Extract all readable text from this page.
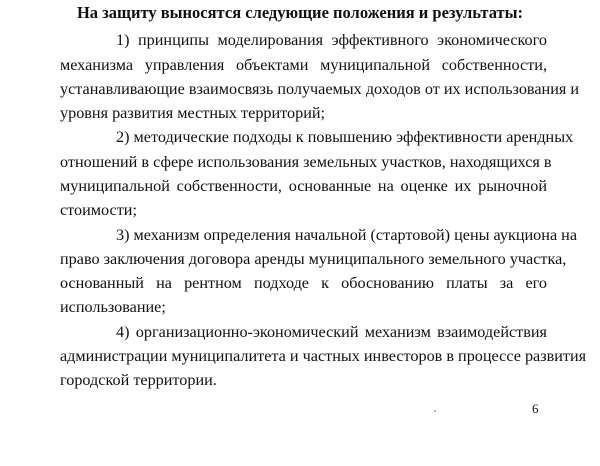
На защиту выносятся следующие положения и результаты:
1) принципы моделирования эффективного экономического
механизма управления объектами муниципальной собственности,
устанавливающие взаимосвязь получаемых доходов от их использования и
уровня развития местных территорий;
2) методические подходы к повышению эффективности арендных
отношений в сфере использования земельных участков, находящихся в
муниципальной собственности, основанные на оценке их рыночной
стоимости;
3) механизм определения начальной (стартовой) цены аукциона на
право заключения договора аренды муниципального земельного участка,
основанный на рентном подходе к обоснованию платы за его
использование;
4) организационно-экономический механизм взаимодействия
администрации муниципалитета и частных инвесторов в процессе развития
городской территории.
6
